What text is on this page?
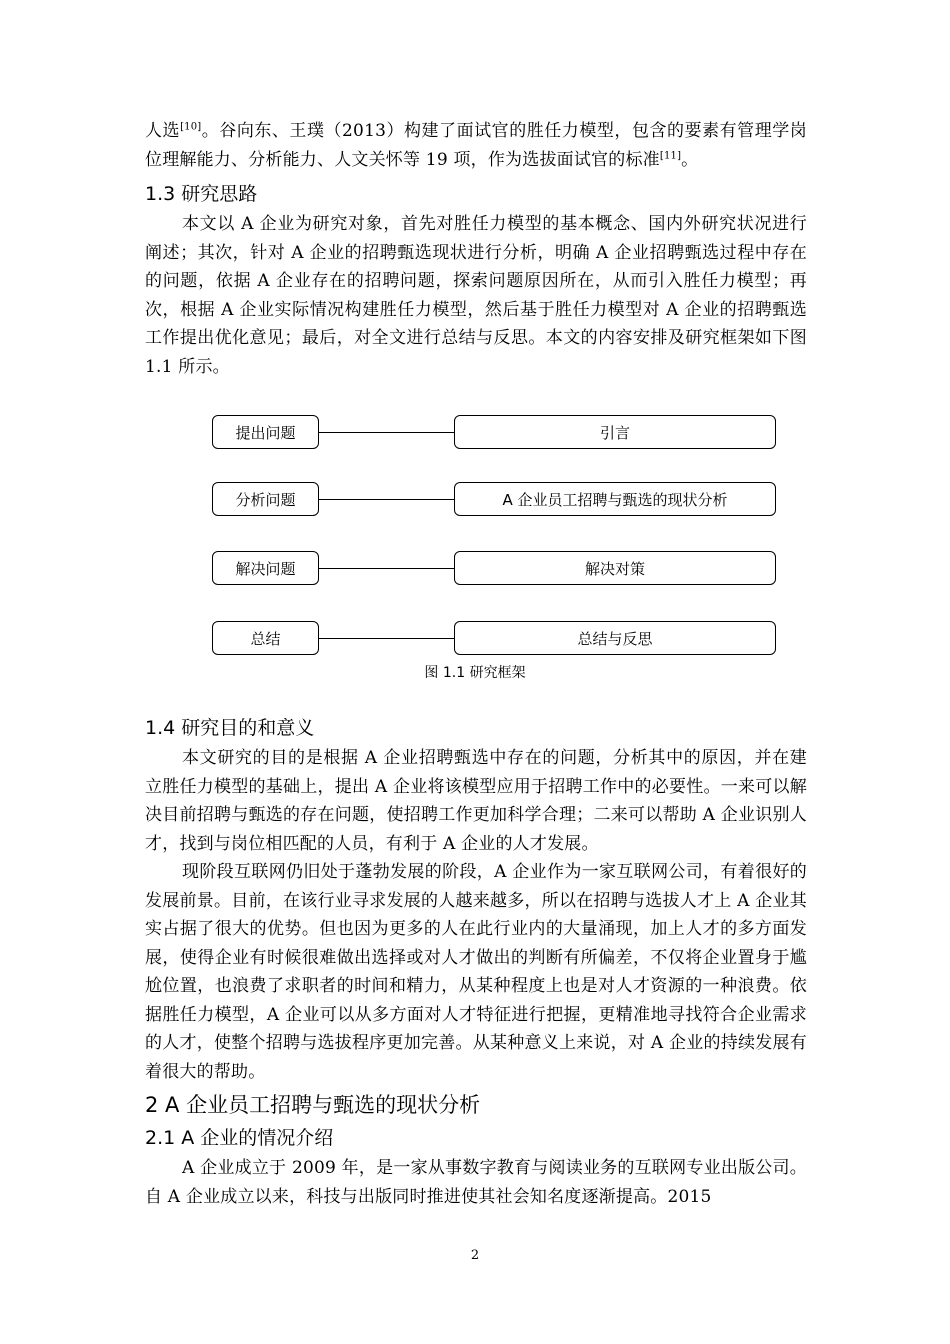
人选[10]。谷向东、王璞（2013）构建了面试官的胜任力模型，包含的要素有管理学岗位理解能力、分析能力、人文关怀等 19 项，作为选拔面试官的标准[11]。

1.3 研究思路

本文以 A 企业为研究对象，首先对胜任力模型的基本概念、国内外研究状况进行阐述；其次，针对 A 企业的招聘甄选现状进行分析，明确 A 企业招聘甄选过程中存在的问题，依据 A 企业存在的招聘问题，探索问题原因所在，从而引入胜任力模型；再次，根据 A 企业实际情况构建胜任力模型，然后基于胜任力模型对 A 企业的招聘甄选工作提出优化意见；最后，对全文进行总结与反思。本文的内容安排及研究框架如下图 1.1 所示。

提出问题	引言
分析问题	A 企业员工招聘与甄选的现状分析
解决问题	解决对策
总结	总结与反思
图 1.1 研究框架
1.4 研究目的和意义

本文研究的目的是根据 A 企业招聘甄选中存在的问题，分析其中的原因，并在建立胜任力模型的基础上，提出 A 企业将该模型应用于招聘工作中的必要性。一来可以解决目前招聘与甄选的存在问题，使招聘工作更加科学合理；二来可以帮助 A 企业识别人才，找到与岗位相匹配的人员，有利于 A 企业的人才发展。

现阶段互联网仍旧处于蓬勃发展的阶段，A 企业作为一家互联网公司，有着很好的发展前景。目前，在该行业寻求发展的人越来越多，所以在招聘与选拔人才上 A 企业其实占据了很大的优势。但也因为更多的人在此行业内的大量涌现，加上人才的多方面发展，使得企业有时候很难做出选择或对人才做出的判断有所偏差，不仅将企业置身于尴尬位置，也浪费了求职者的时间和精力，从某种程度上也是对人才资源的一种浪费。依据胜任力模型，A 企业可以从多方面对人才特征进行把握，更精准地寻找符合企业需求的人才，使整个招聘与选拔程序更加完善。从某种意义上来说，对 A 企业的持续发展有着很大的帮助。

2 A 企业员工招聘与甄选的现状分析
2.1 A 企业的情况介绍

A 企业成立于 2009 年，是一家从事数字教育与阅读业务的互联网专业出版公司。自 A 企业成立以来，科技与出版同时推进使其社会知名度逐渐提高。2015

2
